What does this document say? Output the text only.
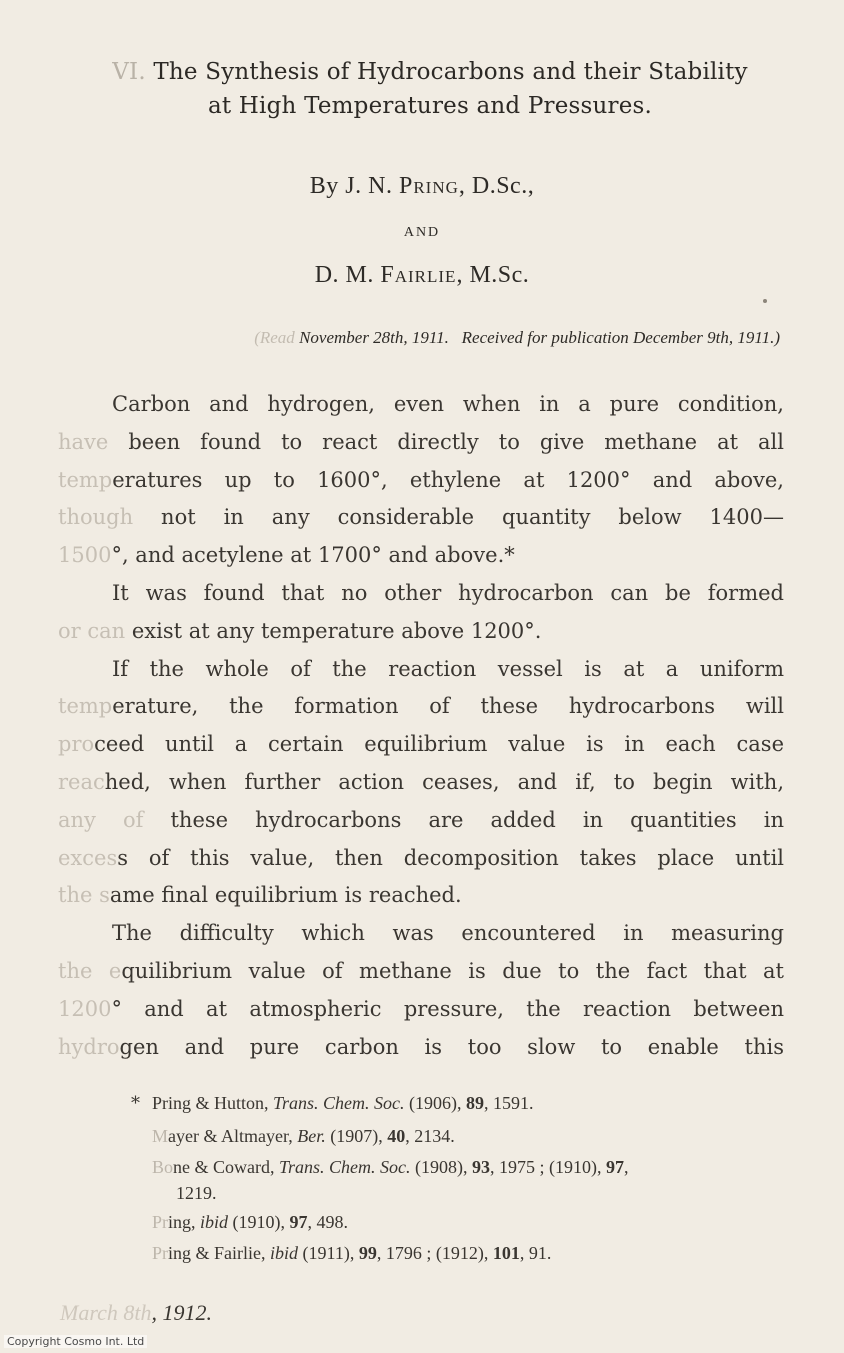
VI. The Synthesis of Hydrocarbons and their Stability
at High Temperatures and Pressures.
By J. N. Pring, D.Sc.,
AND
D. M. Fairlie, M.Sc.
(Read November 28th, 1911. Received for publication December 9th, 1911.)
Carbon and hydrogen, even when in a pure condition,
have been found to react directly to give methane at all
temperatures up to 1600°, ethylene at 1200° and above,
though not in any considerable quantity below 1400—
1500°, and acetylene at 1700° and above.*
It was found that no other hydrocarbon can be formed
or can exist at any temperature above 1200°.
If the whole of the reaction vessel is at a uniform
temperature, the formation of these hydrocarbons will
proceed until a certain equilibrium value is in each case
reached, when further action ceases, and if, to begin with,
any of these hydrocarbons are added in quantities in
excess of this value, then decomposition takes place until
the same final equilibrium is reached.
The difficulty which was encountered in measuring
the equilibrium value of methane is due to the fact that at
1200° and at atmospheric pressure, the reaction between
hydrogen and pure carbon is too slow to enable this
* Pring & Hutton, Trans. Chem. Soc. (1906), 89, 1591.
Mayer & Altmayer, Ber. (1907), 40, 2134.
Bone & Coward, Trans. Chem. Soc. (1908), 93, 1975 ; (1910), 97,
1219.
Pring, ibid (1910), 97, 498.
Pring & Fairlie, ibid (1911), 99, 1796 ; (1912), 101, 91.
March 8th, 1912.
Copyright Cosmo Int. Ltd
